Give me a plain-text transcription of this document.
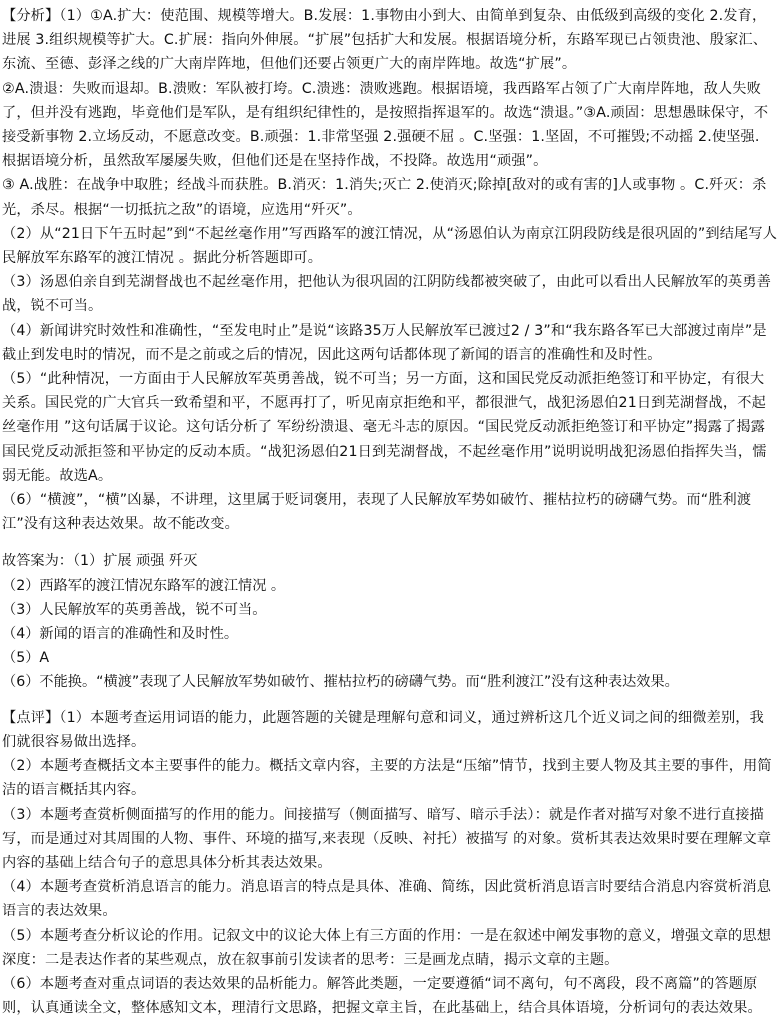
【分析】（1）①A.扩大：使范围、规模等增大。B.发展：1.事物由小到大、由简单到复杂、由低级到高级的变化 2.发育，进展 3.组织规模等扩大。C.扩展：指向外伸展。“扩展”包括扩大和发展。根据语境分析，东路军现已占领贵池、殷家汇、东流、至德、彭泽之线的广大南岸阵地，但他们还要占领更广大的南岸阵地。故选“扩展”。

②A.溃退：失败而退却。B.溃败：军队被打垮。C.溃逃：溃败逃跑。根据语境，我西路军占领了广大南岸阵地，敌人失败了，但并没有逃跑，毕竟他们是军队，是有组织纪律性的，是按照指挥退军的。故选“溃退。”③A.顽固：思想愚昧保守，不接受新事物 2.立场反动，不愿意改变。B.顽强：1.非常坚强 2.强硬不屈 。C.坚强：1.坚固，不可摧毁;不动摇 2.使坚强. 根据语境分析，虽然敌军屡屡失败，但他们还是在坚持作战，不投降。故选用“顽强”。

③ A.战胜：在战争中取胜；经战斗而获胜。B.消灭：1.消失;灭亡 2.使消灭;除掉[敌对的或有害的]人或事物 。C.歼灭：杀光，杀尽。根据“一切抵抗之敌”的语境，应选用“歼灭”。

（2）从“21日下午五时起”到“不起丝毫作用”写西路军的渡江情况，从“汤恩伯认为南京江阴段防线是很巩固的”到结尾写人民解放军东路军的渡江情况 。据此分析答题即可。

（3）汤恩伯亲自到芜湖督战也不起丝毫作用，把他认为很巩固的江阴防线都被突破了，由此可以看出人民解放军的英勇善战，锐不可当。

（4）新闻讲究时效性和准确性，“至发电时止”是说“该路35万人民解放军已渡过2 / 3”和“我东路各军已大部渡过南岸”是截止到发电时的情况，而不是之前或之后的情况，因此这两句话都体现了新闻的语言的准确性和及时性。

（5）“此种情况，一方面由于人民解放军英勇善战，锐不可当；另一方面，这和国民党反动派拒绝签订和平协定，有很大关系。国民党的广大官兵一致希望和平，不愿再打了，听见南京拒绝和平，都很泄气，战犯汤恩伯21日到芜湖督战，不起丝毫作用 ”这句话属于议论。这句话分析了 军纷纷溃退、毫无斗志的原因。“国民党反动派拒绝签订和平协定”揭露了揭露国民党反动派拒签和平协定的反动本质。“战犯汤恩伯21日到芜湖督战，不起丝毫作用”说明说明战犯汤恩伯指挥失当，懦弱无能。故选A。

（6）“横渡”，“横”凶暴，不讲理，这里属于贬词褒用，表现了人民解放军势如破竹、摧枯拉朽的磅礴气势。而“胜利渡江”没有这种表达效果。故不能改变。

故答案为：（1）扩展 顽强 歼灭

（2）西路军的渡江情况东路军的渡江情况 。

（3）人民解放军的英勇善战，锐不可当。

（4）新闻的语言的准确性和及时性。

（5）A

（6）不能换。“横渡”表现了人民解放军势如破竹、摧枯拉朽的磅礴气势。而“胜利渡江”没有这种表达效果。

【点评】（1）本题考查运用词语的能力，此题答题的关键是理解句意和词义，通过辨析这几个近义词之间的细微差别，我们就很容易做出选择。

（2）本题考查概括文本主要事件的能力。概括文章内容，主要的方法是“压缩”情节，找到主要人物及其主要的事件，用简洁的语言概括其内容。

（3）本题考查赏析侧面描写的作用的能力。间接描写（侧面描写、暗写、暗示手法）：就是作者对描写对象不进行直接描写，而是通过对其周围的人物、事件、环境的描写,来表现（反映、衬托）被描写 的对象。赏析其表达效果时要在理解文章内容的基础上结合句子的意思具体分析其表达效果。

（4）本题考查赏析消息语言的能力。消息语言的特点是具体、准确、简练，因此赏析消息语言时要结合消息内容赏析消息语言的表达效果。

（5）本题考查分析议论的作用。记叙文中的议论大体上有三方面的作用：一是在叙述中阐发事物的意义，增强文章的思想深度：二是表达作者的某些观点，放在叙事前引发读者的思考：三是画龙点睛，揭示文章的主题。

（6）本题考查对重点词语的表达效果的品析能力。解答此类题，一定要遵循“词不离句，句不离段，段不离篇”的答题原则，认真通读全文，整体感知文本，理清行文思路，把握文章主旨，在此基础上，结合具体语境，分析词句的表达效果。
